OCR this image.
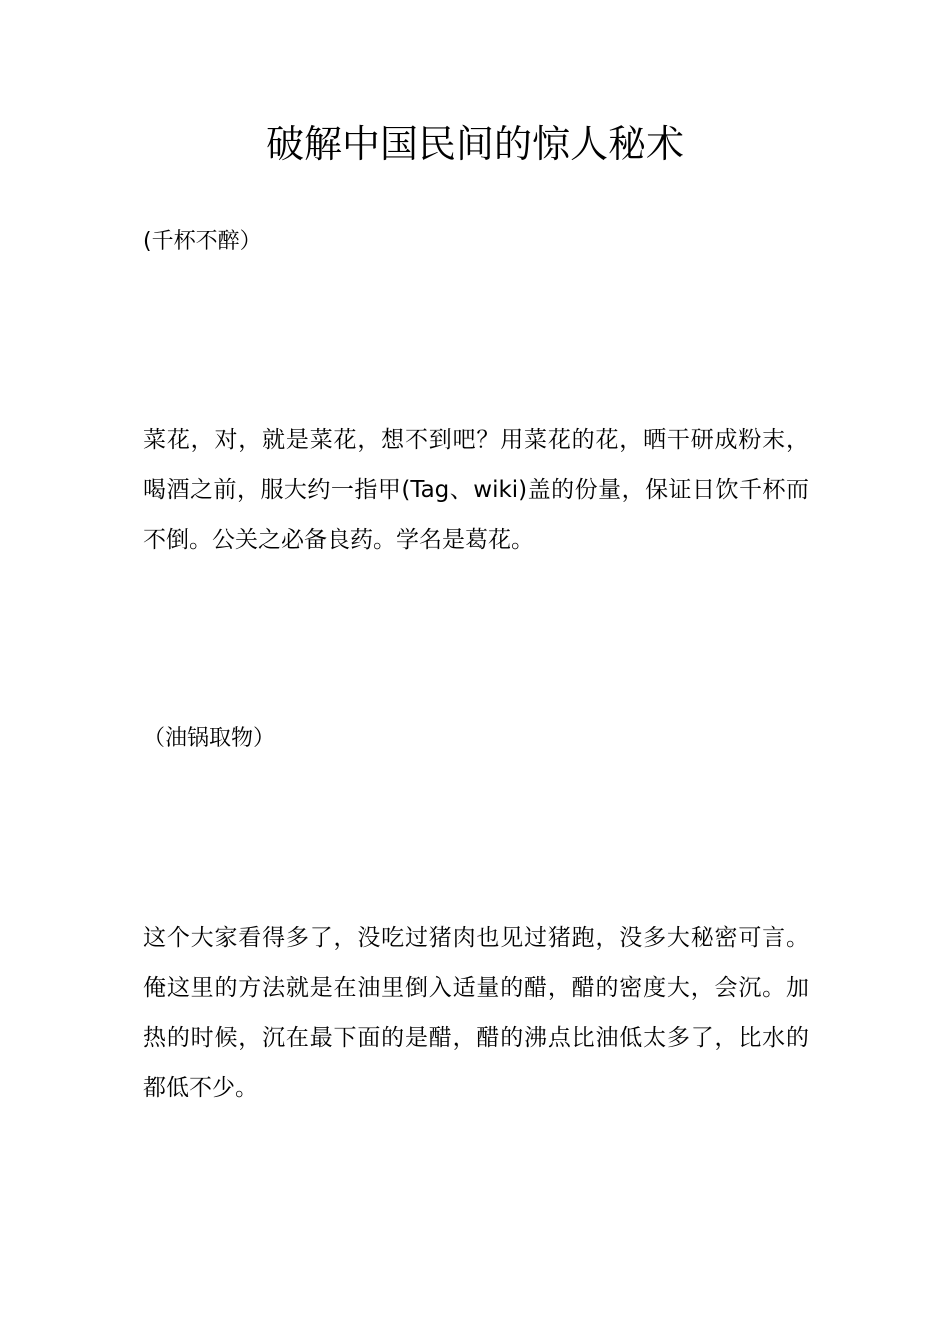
破解中国民间的惊人秘术

(千杯不醉）

菜花，对，就是菜花，想不到吧？用菜花的花，晒干研成粉末，喝酒之前，服大约一指甲(Tag、wiki)盖的份量，保证日饮千杯而不倒。公关之必备良药。学名是葛花。

（油锅取物）

这个大家看得多了，没吃过猪肉也见过猪跑，没多大秘密可言。俺这里的方法就是在油里倒入适量的醋，醋的密度大，会沉。加热的时候，沉在最下面的是醋，醋的沸点比油低太多了，比水的都低不少。
